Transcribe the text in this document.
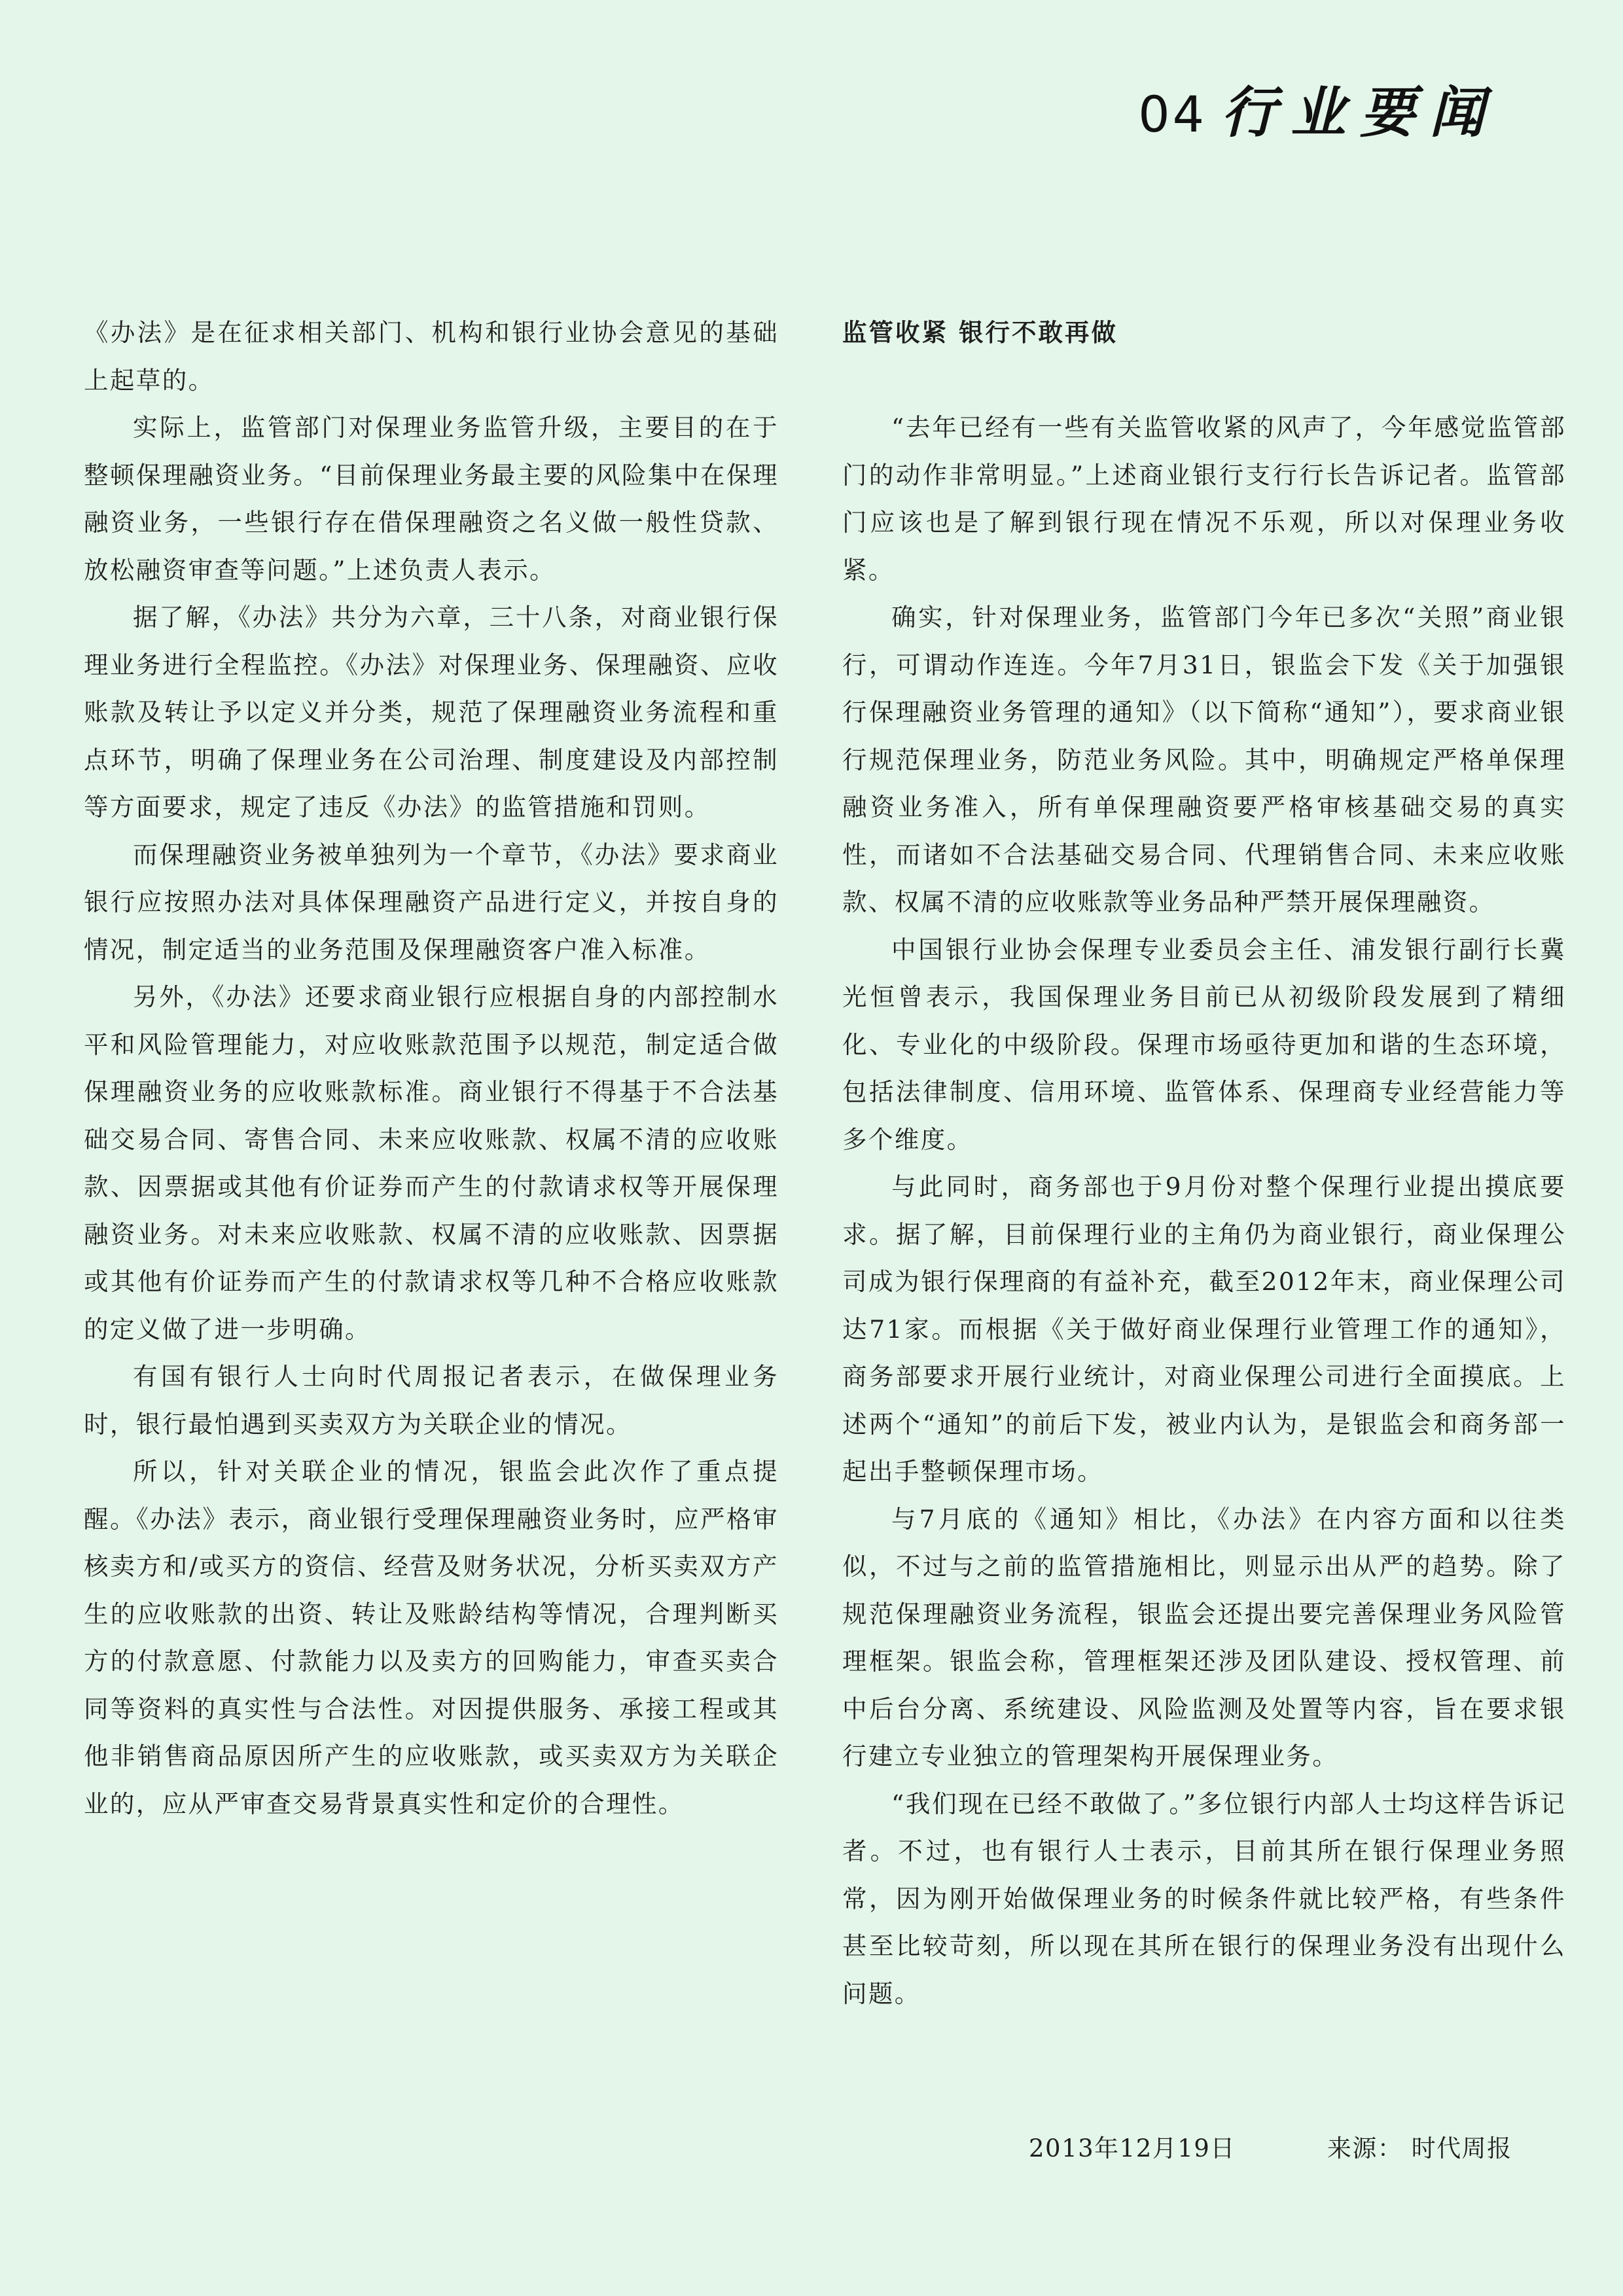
04 行业要闻

《办法》是在征求相关部门、机构和银行业协会意见的基础上起草的。

实际上，监管部门对保理业务监管升级，主要目的在于整顿保理融资业务。“目前保理业务最主要的风险集中在保理融资业务，一些银行存在借保理融资之名义做一般性贷款、放松融资审查等问题。”上述负责人表示。

据了解，《办法》共分为六章，三十八条，对商业银行保理业务进行全程监控。《办法》对保理业务、保理融资、应收账款及转让予以定义并分类，规范了保理融资业务流程和重点环节，明确了保理业务在公司治理、制度建设及内部控制等方面要求，规定了违反《办法》的监管措施和罚则。

而保理融资业务被单独列为一个章节，《办法》要求商业银行应按照办法对具体保理融资产品进行定义，并按自身的情况，制定适当的业务范围及保理融资客户准入标准。

另外，《办法》还要求商业银行应根据自身的内部控制水平和风险管理能力，对应收账款范围予以规范，制定适合做保理融资业务的应收账款标准。商业银行不得基于不合法基础交易合同、寄售合同、未来应收账款、权属不清的应收账款、因票据或其他有价证券而产生的付款请求权等开展保理融资业务。对未来应收账款、权属不清的应收账款、因票据或其他有价证券而产生的付款请求权等几种不合格应收账款的定义做了进一步明确。

有国有银行人士向时代周报记者表示，在做保理业务时，银行最怕遇到买卖双方为关联企业的情况。

所以，针对关联企业的情况，银监会此次作了重点提醒。《办法》表示，商业银行受理保理融资业务时，应严格审核卖方和/或买方的资信、经营及财务状况，分析买卖双方产生的应收账款的出资、转让及账龄结构等情况，合理判断买方的付款意愿、付款能力以及卖方的回购能力，审查买卖合同等资料的真实性与合法性。对因提供服务、承接工程或其他非销售商品原因所产生的应收账款，或买卖双方为关联企业的，应从严审查交易背景真实性和定价的合理性。

监管收紧 银行不敢再做

“去年已经有一些有关监管收紧的风声了，今年感觉监管部门的动作非常明显。”上述商业银行支行行长告诉记者。监管部门应该也是了解到银行现在情况不乐观，所以对保理业务收紧。

确实，针对保理业务，监管部门今年已多次“关照”商业银行，可谓动作连连。今年7月31日，银监会下发《关于加强银行保理融资业务管理的通知》（以下简称“通知”），要求商业银行规范保理业务，防范业务风险。其中，明确规定严格单保理融资业务准入，所有单保理融资要严格审核基础交易的真实性，而诸如不合法基础交易合同、代理销售合同、未来应收账款、权属不清的应收账款等业务品种严禁开展保理融资。

中国银行业协会保理专业委员会主任、浦发银行副行长冀光恒曾表示，我国保理业务目前已从初级阶段发展到了精细化、专业化的中级阶段。保理市场亟待更加和谐的生态环境，包括法律制度、信用环境、监管体系、保理商专业经营能力等多个维度。

与此同时，商务部也于9月份对整个保理行业提出摸底要求。据了解，目前保理行业的主角仍为商业银行，商业保理公司成为银行保理商的有益补充，截至2012年末，商业保理公司达71家。而根据《关于做好商业保理行业管理工作的通知》，商务部要求开展行业统计，对商业保理公司进行全面摸底。上述两个“通知”的前后下发，被业内认为，是银监会和商务部一起出手整顿保理市场。

与7月底的《通知》相比，《办法》在内容方面和以往类似，不过与之前的监管措施相比，则显示出从严的趋势。除了规范保理融资业务流程，银监会还提出要完善保理业务风险管理框架。银监会称，管理框架还涉及团队建设、授权管理、前中后台分离、系统建设、风险监测及处置等内容，旨在要求银行建立专业独立的管理架构开展保理业务。

“我们现在已经不敢做了。”多位银行内部人士均这样告诉记者。不过，也有银行人士表示，目前其所在银行保理业务照常，因为刚开始做保理业务的时候条件就比较严格，有些条件甚至比较苛刻，所以现在其所在银行的保理业务没有出现什么问题。

2013年12月19日	来源： 时代周报
